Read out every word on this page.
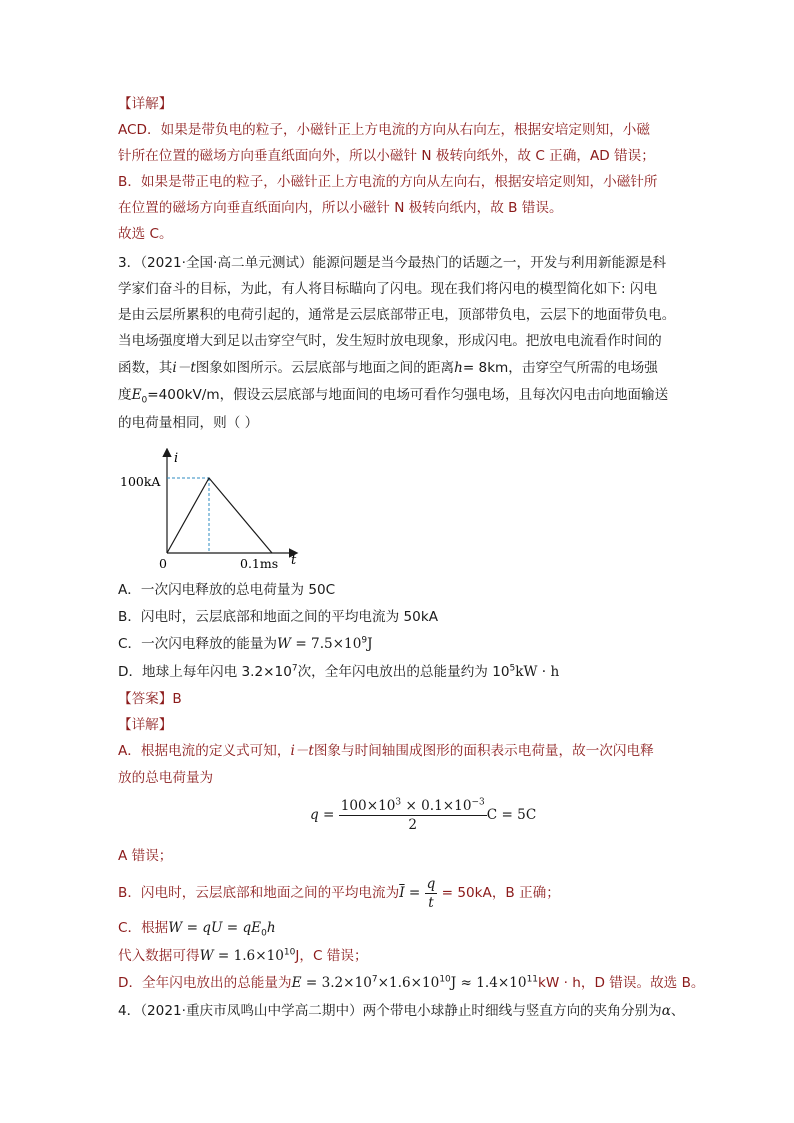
【详解】
ACD．如果是带负电的粒子，小磁针正上方电流的方向从右向左，根据安培定则知，小磁
针所在位置的磁场方向垂直纸面向外，所以小磁针 N 极转向纸外，故 C 正确，AD 错误；
B．如果是带正电的粒子，小磁针正上方电流的方向从左向右，根据安培定则知，小磁针所
在位置的磁场方向垂直纸面向内，所以小磁针 N 极转向纸内，故 B 错误。
故选 C。
3．（2021·全国·高二单元测试）能源问题是当今最热门的话题之一，开发与利用新能源是科
学家们奋斗的目标，为此，有人将目标瞄向了闪电。现在我们将闪电的模型简化如下: 闪电
是由云层所累积的电荷引起的，通常是云层底部带正电，顶部带负电，云层下的地面带负电。
当电场强度增大到足以击穿空气时，发生短时放电现象，形成闪电。把放电电流看作时间的
函数，其i－t图象如图所示。云层底部与地面之间的距离h= 8km，击穿空气所需的电场强
度$E_0=400kV/m$，假设云层底部与地面间的电场可看作匀强电场，且每次闪电击向地面输送
的电荷量相同，则（ ）
i
t
100kA
0.1ms
0
A．一次闪电释放的总电荷量为 50C
B．闪电时，云层底部和地面之间的平均电流为 50kA
C．一次闪电释放的能量为$W = 7.5\times 10^9J$
D．地球上每年闪电 $3.2\times 10^7$次，全年闪电放出的总能量约为 $10^5kW \cdot h$
【答案】B
【详解】
A．根据电流的定义式可知，i－t图象与时间轴围成图形的面积表示电荷量，故一次闪电释
放的总电荷量为
$q = \frac{100\times 10^3 \times 0.1\times 10^{-3}}{2}$ C = 5C
A 错误；
B．闪电时，云层底部和地面之间的平均电流为$\overline{I} = \frac{q}{t} = 50kA$，B 正确；
C．根据W = qU = $qE_0h$
代入数据可得$W = 1.6\times 10^{10}J$，C 错误；
D．全年闪电放出的总能量为$E = 3.2\times 10^7\times 1.6\times 10^{10}J \approx 1.4\times 10^{11}kW \cdot h$，D 错误。故选 B。
4．（2021·重庆市凤鸣山中学高二期中）两个带电小球静止时细线与竖直方向的夹角分别为α、
